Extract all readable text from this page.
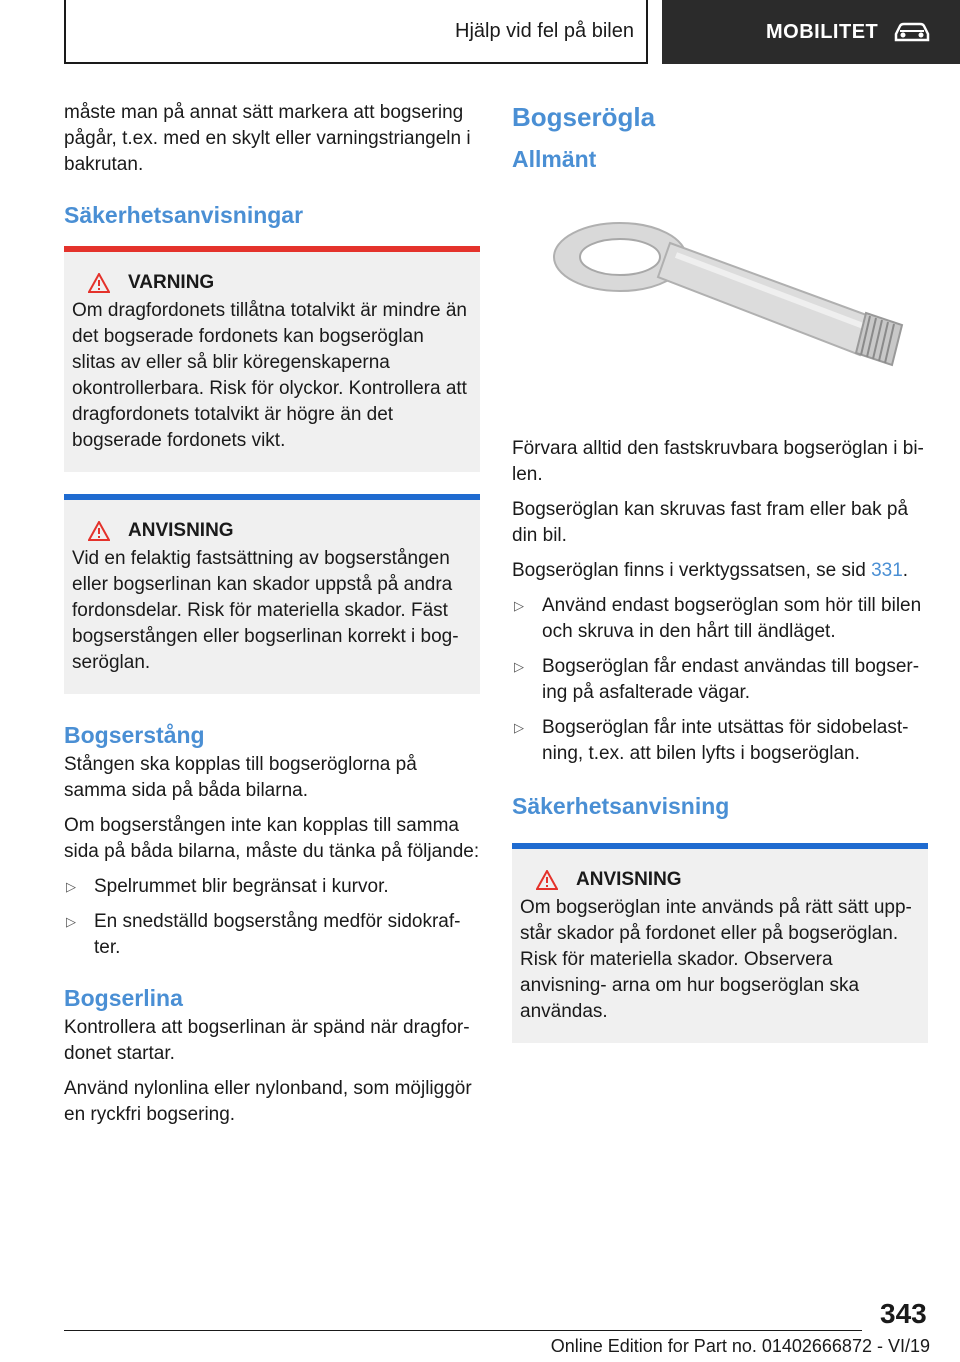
Hjälp vid fel på bilen	MOBILITET

måste man på annat sätt markera att bogsering pågår, t.ex. med en skylt eller varningstriangeln i bakrutan.

Säkerhetsanvisningar
VARNING

Om dragfordonets tillåtna totalvikt är mindre än det bogserade fordonets kan bogseröglan slitas av eller så blir köregenskaperna okontrollerbara. Risk för olyckor. Kontrollera att dragfordonets totalvikt är högre än det bogserade fordonets vikt.

ANVISNING

Vid en felaktig fastsättning av bogserstången eller bogserlinan kan skador uppstå på andra fordonsdelar. Risk för materiella skador. Fäst bogserstången eller bogserlinan korrekt i bog- seröglan.

Bogserstång

Stången ska kopplas till bogseröglorna på samma sida på båda bilarna.

Om bogserstången inte kan kopplas till samma sida på båda bilarna, måste du tänka på följande:

▷ Spelrummet blir begränsat i kurvor.
▷ En snedställd bogserstång medför sidokraf- ter.
Bogserlina

Kontrollera att bogserlinan är spänd när dragfor- donet startar.

Använd nylonlina eller nylonband, som möjliggör en ryckfri bogsering.

Bogserögla
Allmänt

Förvara alltid den fastskruvbara bogseröglan i bi- len.

Bogseröglan kan skruvas fast fram eller bak på din bil.

Bogseröglan finns i verktygssatsen, se sid 331.

▷ Använd endast bogseröglan som hör till bilen och skruva in den hårt till ändläget.
▷ Bogseröglan får endast användas till bogser- ing på asfalterade vägar.
▷ Bogseröglan får inte utsättas för sidobelast- ning, t.ex. att bilen lyfts i bogseröglan.
Säkerhetsanvisning
ANVISNING

Om bogseröglan inte används på rätt sätt upp- står skador på fordonet eller på bogseröglan. Risk för materiella skador. Observera anvisning- arna om hur bogseröglan ska användas.

343
Online Edition for Part no. 01402666872 - VI/19
